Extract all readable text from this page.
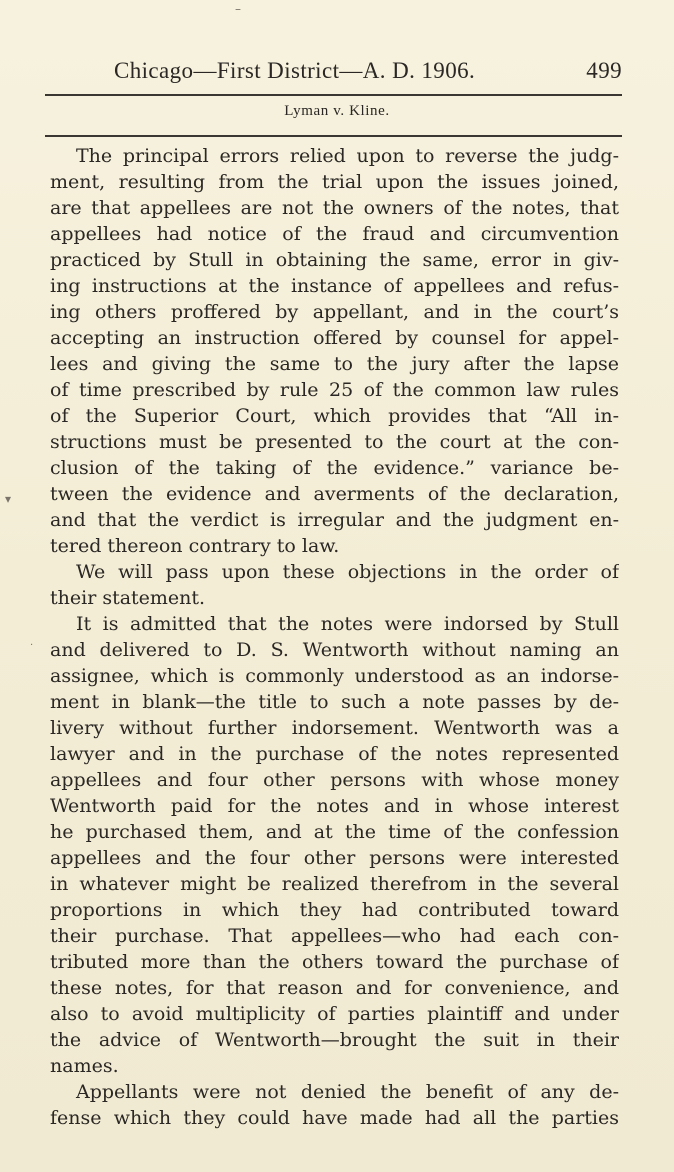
–
▾
·
Chicago—First District—A. D. 1906.	499
Lyman v. Kline.
The principal errors relied upon to reverse the judg-
ment, resulting from the trial upon the issues joined,
are that appellees are not the owners of the notes, that
appellees had notice of the fraud and circumvention
practiced by Stull in obtaining the same, error in giv-
ing instructions at the instance of appellees and refus-
ing others proffered by appellant, and in the court’s
accepting an instruction offered by counsel for appel-
lees and giving the same to the jury after the lapse
of time prescribed by rule 25 of the common law rules
of the Superior Court, which provides that “All in-
structions must be presented to the court at the con-
clusion of the taking of the evidence.” variance be-
tween the evidence and averments of the declaration,
and that the verdict is irregular and the judgment en-
tered thereon contrary to law.
We will pass upon these objections in the order of
their statement.
It is admitted that the notes were indorsed by Stull
and delivered to D. S. Wentworth without naming an
assignee, which is commonly understood as an indorse-
ment in blank—the title to such a note passes by de-
livery without further indorsement. Wentworth was a
lawyer and in the purchase of the notes represented
appellees and four other persons with whose money
Wentworth paid for the notes and in whose interest
he purchased them, and at the time of the confession
appellees and the four other persons were interested
in whatever might be realized therefrom in the several
proportions in which they had contributed toward
their purchase. That appellees—who had each con-
tributed more than the others toward the purchase of
these notes, for that reason and for convenience, and
also to avoid multiplicity of parties plaintiff and under
the advice of Wentworth—brought the suit in their
names.
Appellants were not denied the benefit of any de-
fense which they could have made had all the parties
